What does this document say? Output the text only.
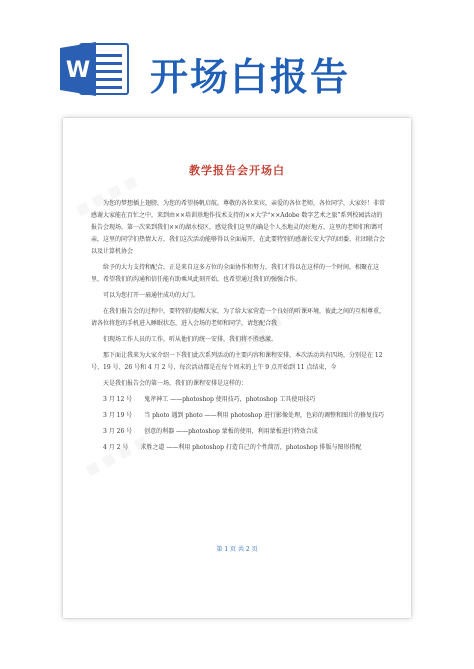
W 开场白报告
教学报告会开场白

为您的梦想插上翅膀，为您的希望扬帆启航。尊敬的各位来宾，亲爱的各位老师，各位同学，大家好！非常感谢大家能在百忙之中，来到由××培训基地作技术支持的××大学“××Adobe 数字艺术之旅”系列校园活动的报告会现场。第一次来到我们××的湖水校区，感觉我们这里的确是个人杰地灵的好地方，这里的老师们和蔼可亲，这里的同学们热情大方，我们这次活动能够得以全面展开，在此要特别的感谢长安大学的团委、社团联合会以及计算机协会

给予的大力支持和配合，正是来自这多方位的全面协作和努力，我们才得以在这样的一个时间，相聚在这里，希望我们的沟通和信任能有助乘风此刻开始，也希望通过我们的强强合作。

可以为您打开一扇通往成功的大门。

在我们报告会的过程中，要特别的提醒大家，为了给大家营造一个良好的听课环境，彼此之间的互相尊重，请各位将您的手机进入睡眠状态，进入会场的老师和同学，请您配合我

们现场工作人员的工作，听从他们的统一安排，我们将不胜感激。

那下面让我来为大家介绍一下我们此次系列活动的主要内容和课程安排，本次活动共有四场，分别是在 12 号、19 号、26 号和 4 月 2 号，每次活动都是在每个周末的上午 9 点开始到 11 点结束，今

天是我们报告会的第一场，我们的课程安排是这样的：

3 月 12 号　　鬼斧神工 ——photoshop 使用技巧，photoshop 工具使用技巧

3 月 19 号　　当 photo 遇到 photo ——利用 photoshop 进行影像处理，色彩的调整和图片的修复技巧

3 月 26 号　　创意的利器 ——photoshop 蒙板的使用，利用蒙板进行特效合成

4 月 2 号　　求胜之道 ——利用 photoshop 打造自己的个性简历，photoshop 排版与图形搭配

第 1 页 共 2 页
